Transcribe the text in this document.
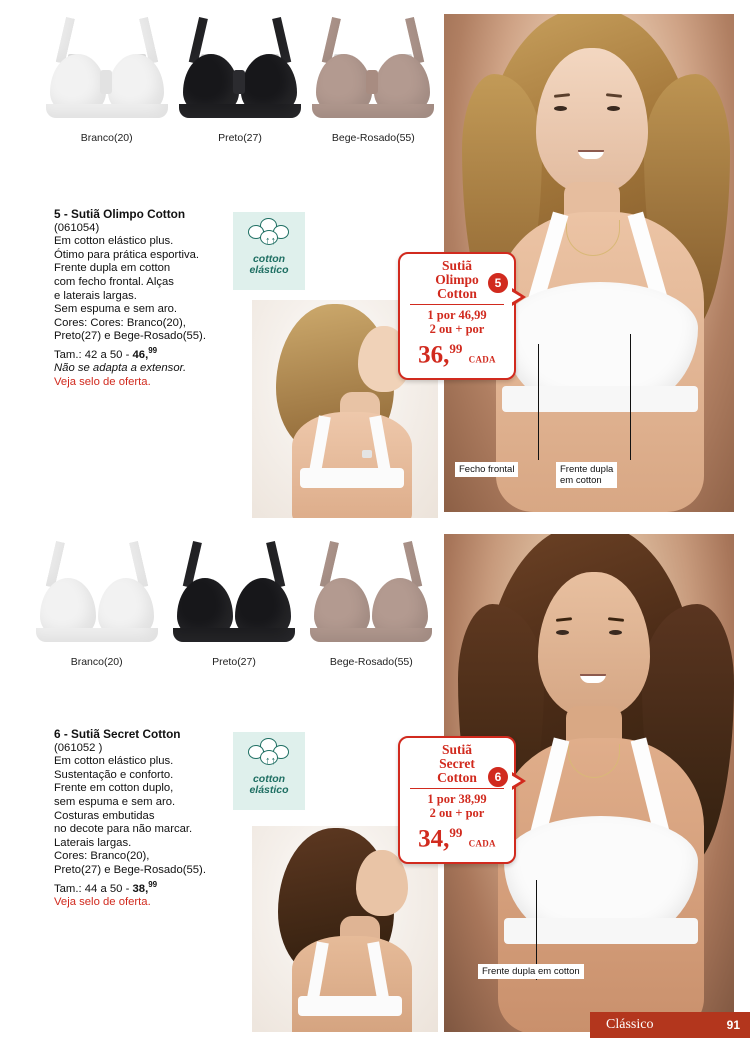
Branco(20)	Preto(27)	Bege-Rosado(55)
Fecho frontal	Frente dupla
em cotton
5 - Sutiã Olimpo Cotton
(061054)
Em cotton elástico plus.
Ótimo para prática esportiva.
Frente dupla em cotton
com fecho frontal. Alças
e laterais largas.
Sem espuma e sem aro.
Cores: Cores: Branco(20),
Preto(27) e Bege-Rosado(55).
Tam.: 42 a 50 - 46,99
Não se adapta a extensor.
Veja selo de oferta.
↑↑
cotton
elástico	Sutiã
Olimpo
Cotton
1 por 46,99
2 ou + por
36,99 CADA
5
Branco(20)	Preto(27)	Bege-Rosado(55)
Frente dupla em cotton
6 - Sutiã Secret Cotton
(061052 )
Em cotton elástico plus.
Sustentação e conforto.
Frente em cotton duplo,
sem espuma e sem aro.
Costuras embutidas
no decote para não marcar.
Laterais largas.
Cores: Branco(20),
Preto(27) e Bege-Rosado(55).
Tam.: 44 a 50 - 38,99
Veja selo de oferta.
↑↑
cotton
elástico
Sutiã
Secret
Cotton
1 por 38,99
2 ou + por
34,99 CADA
6
Clássico	91
